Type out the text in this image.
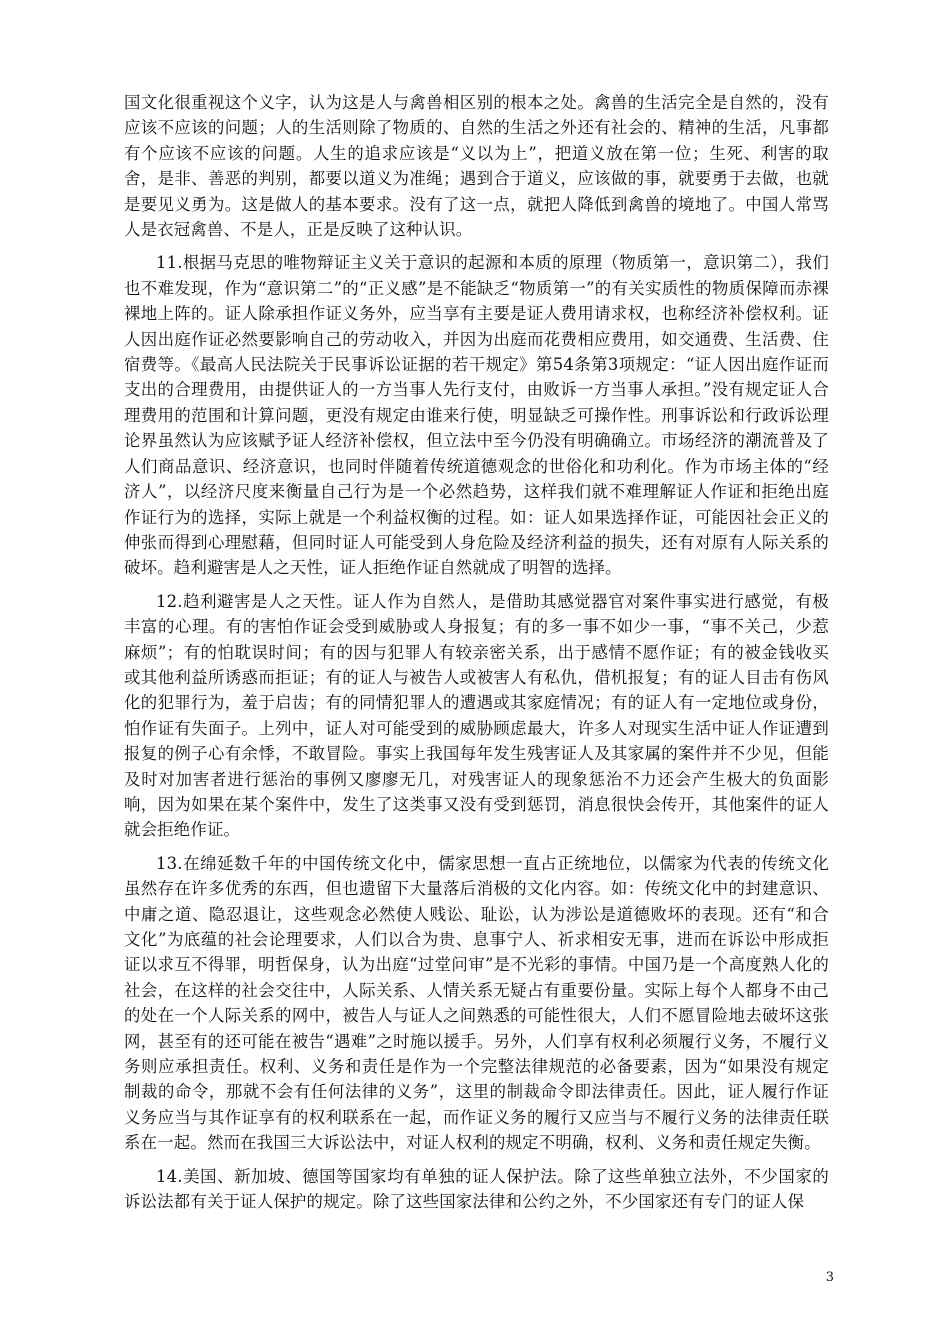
国文化很重视这个义字，认为这是人与禽兽相区别的根本之处。禽兽的生活完全是自然的，没有应该不应该的问题；人的生活则除了物质的、自然的生活之外还有社会的、精神的生活，凡事都有个应该不应该的问题。人生的追求应该是“义以为上”，把道义放在第一位；生死、利害的取舍，是非、善恶的判别，都要以道义为准绳；遇到合于道义，应该做的事，就要勇于去做，也就是要见义勇为。这是做人的基本要求。没有了这一点，就把人降低到禽兽的境地了。中国人常骂人是衣冠禽兽、不是人，正是反映了这种认识。

11.根据马克思的唯物辩证主义关于意识的起源和本质的原理（物质第一，意识第二），我们也不难发现，作为“意识第二”的“正义感”是不能缺乏“物质第一”的有关实质性的物质保障而赤裸裸地上阵的。证人除承担作证义务外，应当享有主要是证人费用请求权，也称经济补偿权利。证人因出庭作证必然要影响自己的劳动收入，并因为出庭而花费相应费用，如交通费、生活费、住宿费等。《最高人民法院关于民事诉讼证据的若干规定》第54条第3项规定：“证人因出庭作证而支出的合理费用，由提供证人的一方当事人先行支付，由败诉一方当事人承担。”没有规定证人合理费用的范围和计算问题，更没有规定由谁来行使，明显缺乏可操作性。刑事诉讼和行政诉讼理论界虽然认为应该赋予证人经济补偿权，但立法中至今仍没有明确确立。市场经济的潮流普及了人们商品意识、经济意识，也同时伴随着传统道德观念的世俗化和功利化。作为市场主体的“经济人”，以经济尺度来衡量自己行为是一个必然趋势，这样我们就不难理解证人作证和拒绝出庭作证行为的选择，实际上就是一个利益权衡的过程。如：证人如果选择作证，可能因社会正义的伸张而得到心理慰藉，但同时证人可能受到人身危险及经济利益的损失，还有对原有人际关系的破坏。趋利避害是人之天性，证人拒绝作证自然就成了明智的选择。

12.趋利避害是人之天性。证人作为自然人，是借助其感觉器官对案件事实进行感觉，有极丰富的心理。有的害怕作证会受到威胁或人身报复；有的多一事不如少一事，“事不关己，少惹麻烦”；有的怕耽误时间；有的因与犯罪人有较亲密关系，出于感情不愿作证；有的被金钱收买或其他利益所诱惑而拒证；有的证人与被告人或被害人有私仇，借机报复；有的证人目击有伤风化的犯罪行为，羞于启齿；有的同情犯罪人的遭遇或其家庭情况；有的证人有一定地位或身份，怕作证有失面子。上列中，证人对可能受到的威胁顾虑最大，许多人对现实生活中证人作证遭到报复的例子心有余悸，不敢冒险。事实上我国每年发生残害证人及其家属的案件并不少见，但能及时对加害者进行惩治的事例又廖廖无几，对残害证人的现象惩治不力还会产生极大的负面影响，因为如果在某个案件中，发生了这类事又没有受到惩罚，消息很快会传开，其他案件的证人就会拒绝作证。

13.在绵延数千年的中国传统文化中，儒家思想一直占正统地位，以儒家为代表的传统文化虽然存在许多优秀的东西，但也遗留下大量落后消极的文化内容。如：传统文化中的封建意识、中庸之道、隐忍退让，这些观念必然使人贱讼、耻讼，认为涉讼是道德败坏的表现。还有“和合文化”为底蕴的社会论理要求，人们以合为贵、息事宁人、祈求相安无事，进而在诉讼中形成拒证以求互不得罪，明哲保身，认为出庭“过堂问审”是不光彩的事情。中国乃是一个高度熟人化的社会，在这样的社会交往中，人际关系、人情关系无疑占有重要份量。实际上每个人都身不由己的处在一个人际关系的网中，被告人与证人之间熟悉的可能性很大，人们不愿冒险地去破坏这张网，甚至有的还可能在被告“遇难”之时施以援手。另外，人们享有权利必须履行义务，不履行义务则应承担责任。权利、义务和责任是作为一个完整法律规范的必备要素，因为“如果没有规定制裁的命令，那就不会有任何法律的义务”，这里的制裁命令即法律责任。因此，证人履行作证义务应当与其作证享有的权利联系在一起，而作证义务的履行又应当与不履行义务的法律责任联系在一起。然而在我国三大诉讼法中，对证人权利的规定不明确，权利、义务和责任规定失衡。

14.美国、新加坡、德国等国家均有单独的证人保护法。除了这些单独立法外，不少国家的诉讼法都有关于证人保护的规定。除了这些国家法律和公约之外，不少国家还有专门的证人保

3
